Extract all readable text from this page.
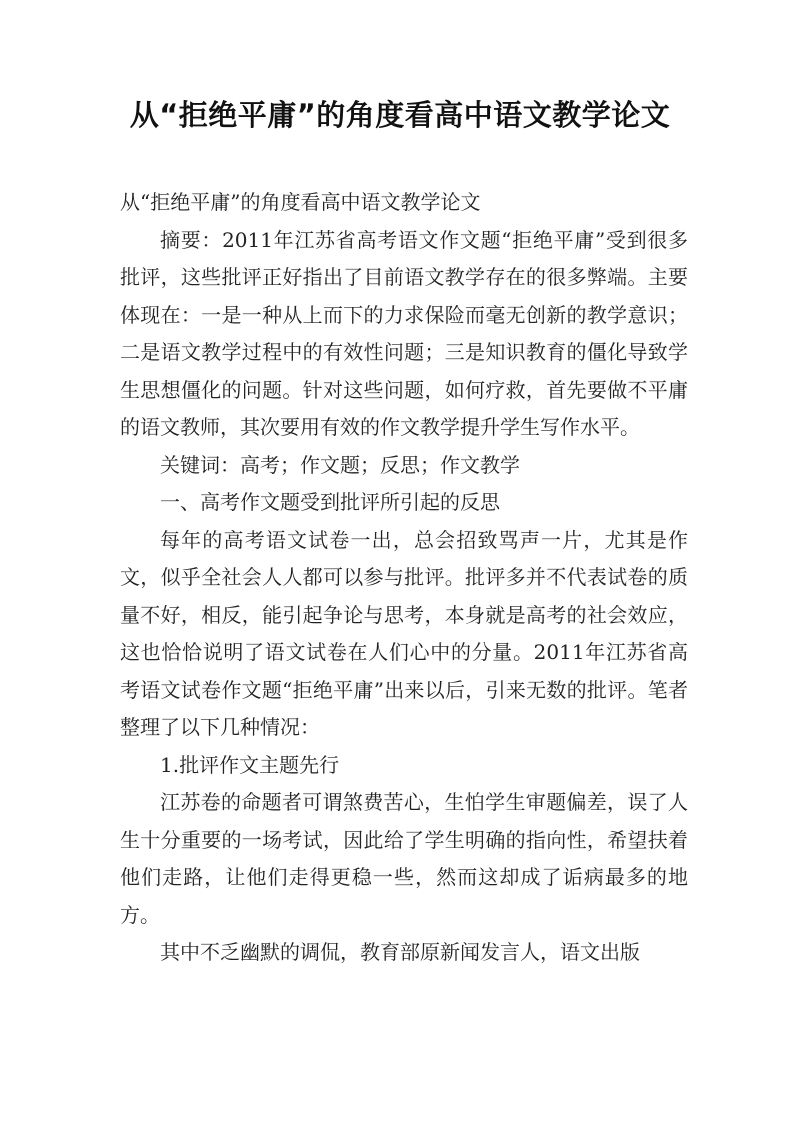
从“拒绝平庸”的角度看高中语文教学论文

从“拒绝平庸”的角度看高中语文教学论文

摘要：2011年江苏省高考语文作文题“拒绝平庸”受到很多批评，这些批评正好指出了目前语文教学存在的很多弊端。主要体现在：一是一种从上而下的力求保险而毫无创新的教学意识；二是语文教学过程中的有效性问题；三是知识教育的僵化导致学生思想僵化的问题。针对这些问题，如何疗救，首先要做不平庸的语文教师，其次要用有效的作文教学提升学生写作水平。

关键词：高考；作文题；反思；作文教学

一、高考作文题受到批评所引起的反思

每年的高考语文试卷一出，总会招致骂声一片，尤其是作文，似乎全社会人人都可以参与批评。批评多并不代表试卷的质量不好，相反，能引起争论与思考，本身就是高考的社会效应，这也恰恰说明了语文试卷在人们心中的分量。2011年江苏省高考语文试卷作文题“拒绝平庸”出来以后，引来无数的批评。笔者整理了以下几种情况：

1.批评作文主题先行

江苏卷的命题者可谓煞费苦心，生怕学生审题偏差，误了人生十分重要的一场考试，因此给了学生明确的指向性，希望扶着他们走路，让他们走得更稳一些，然而这却成了诟病最多的地方。

其中不乏幽默的调侃，教育部原新闻发言人，语文出版
